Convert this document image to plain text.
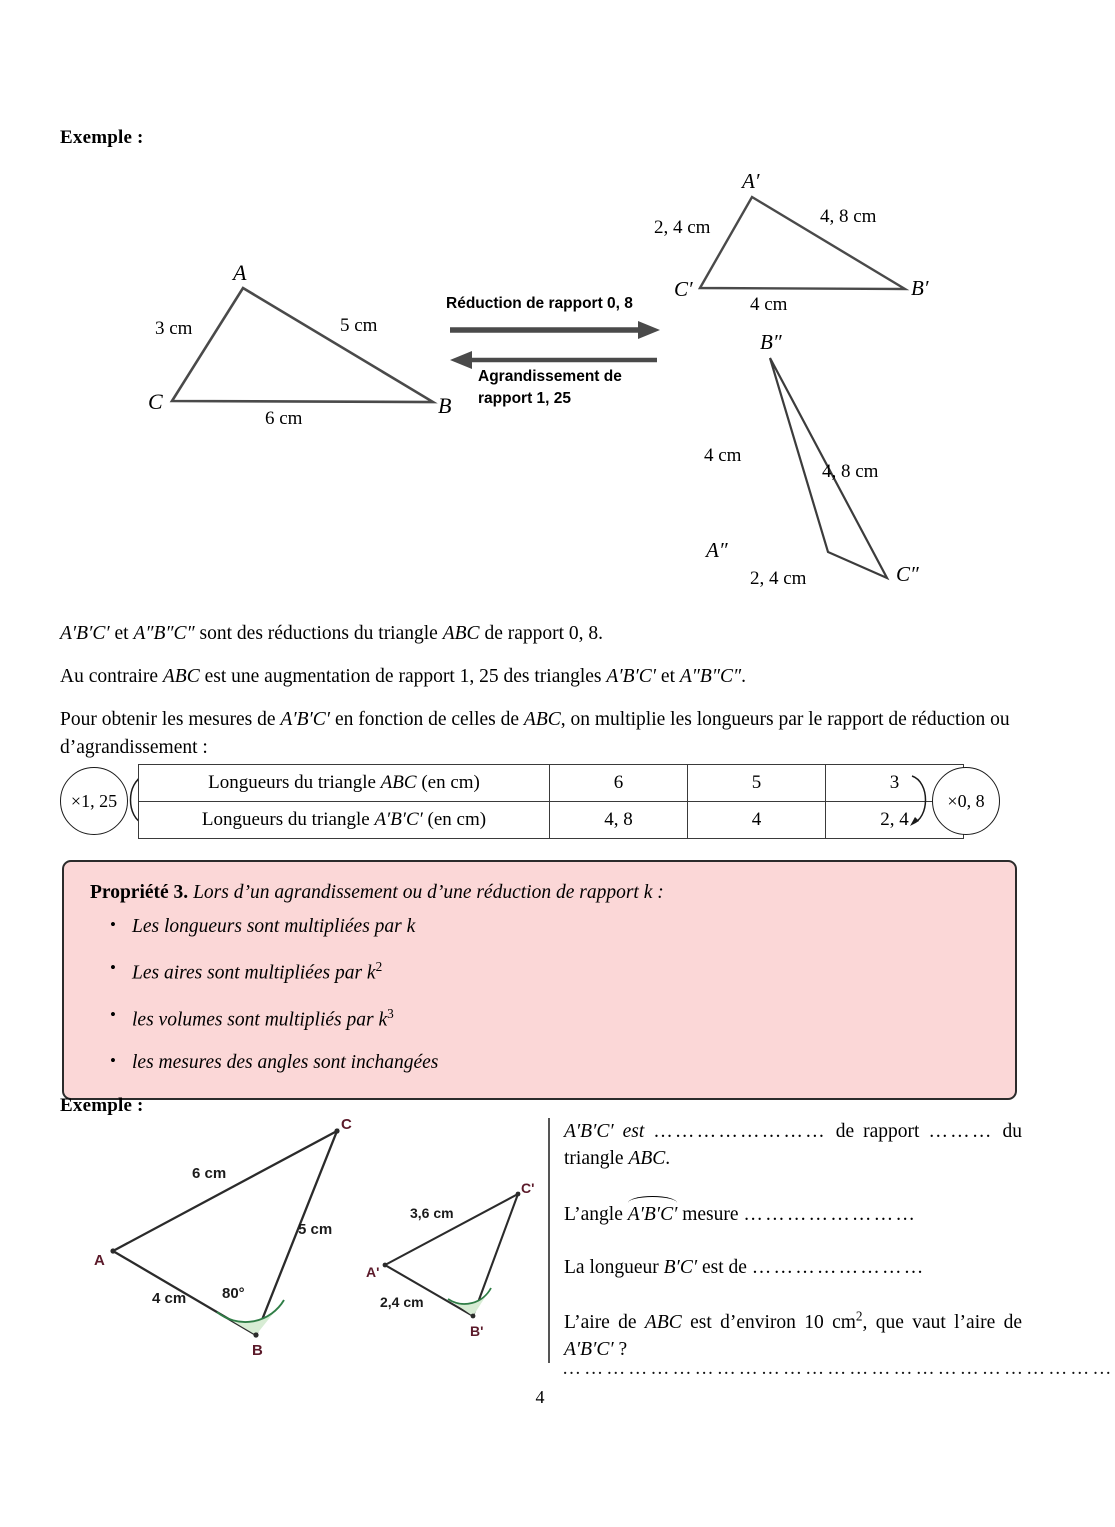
Exemple :
A
C	B
3 cm	5 cm
6 cm
Réduction de rapport 0, 8
Agrandissement de
rapport 1, 25
A′
C′	B′
2, 4 cm
4, 8 cm
4 cm
B″
A″
C″
4 cm
4, 8 cm
2, 4 cm
A′B′C′ et A″B″C″ sont des réductions du triangle ABC de rapport 0, 8.
Au contraire ABC est une augmentation de rapport 1, 25 des triangles A′B′C′ et A″B″C″.
Pour obtenir les mesures de A′B′C′ en fonction de celles de ABC, on multiplie les longueurs par le rapport de réduction ou d’agrandissement :
×1, 25
Longueurs du triangle ABC (en cm)	6	5	3
Longueurs du triangle A′B′C′ (en cm)	4, 8	4	2, 4
×0, 8
Propriété 3. Lors d’un agrandissement ou d’une réduction de rapport k :
• Les longueurs sont multipliées par k
• Les aires sont multipliées par $k^2$
• les volumes sont multipliés par $k^3$
• les mesures des angles sont inchangées
Exemple :
A
B
C
6 cm
5 cm
4 cm 80°
A'
B'
C'
3,6 cm
2,4 cm

A′B′C′ est …………………… de rapport ……… du triangle ABC.

L’angle A′B′C′ mesure ……………………

La longueur B′C′ est de ……………………

L’aire de ABC est d’environ 10 $cm^2$, que vaut l’aire de A′B′C′ ?

…………………………………………………………………
4
